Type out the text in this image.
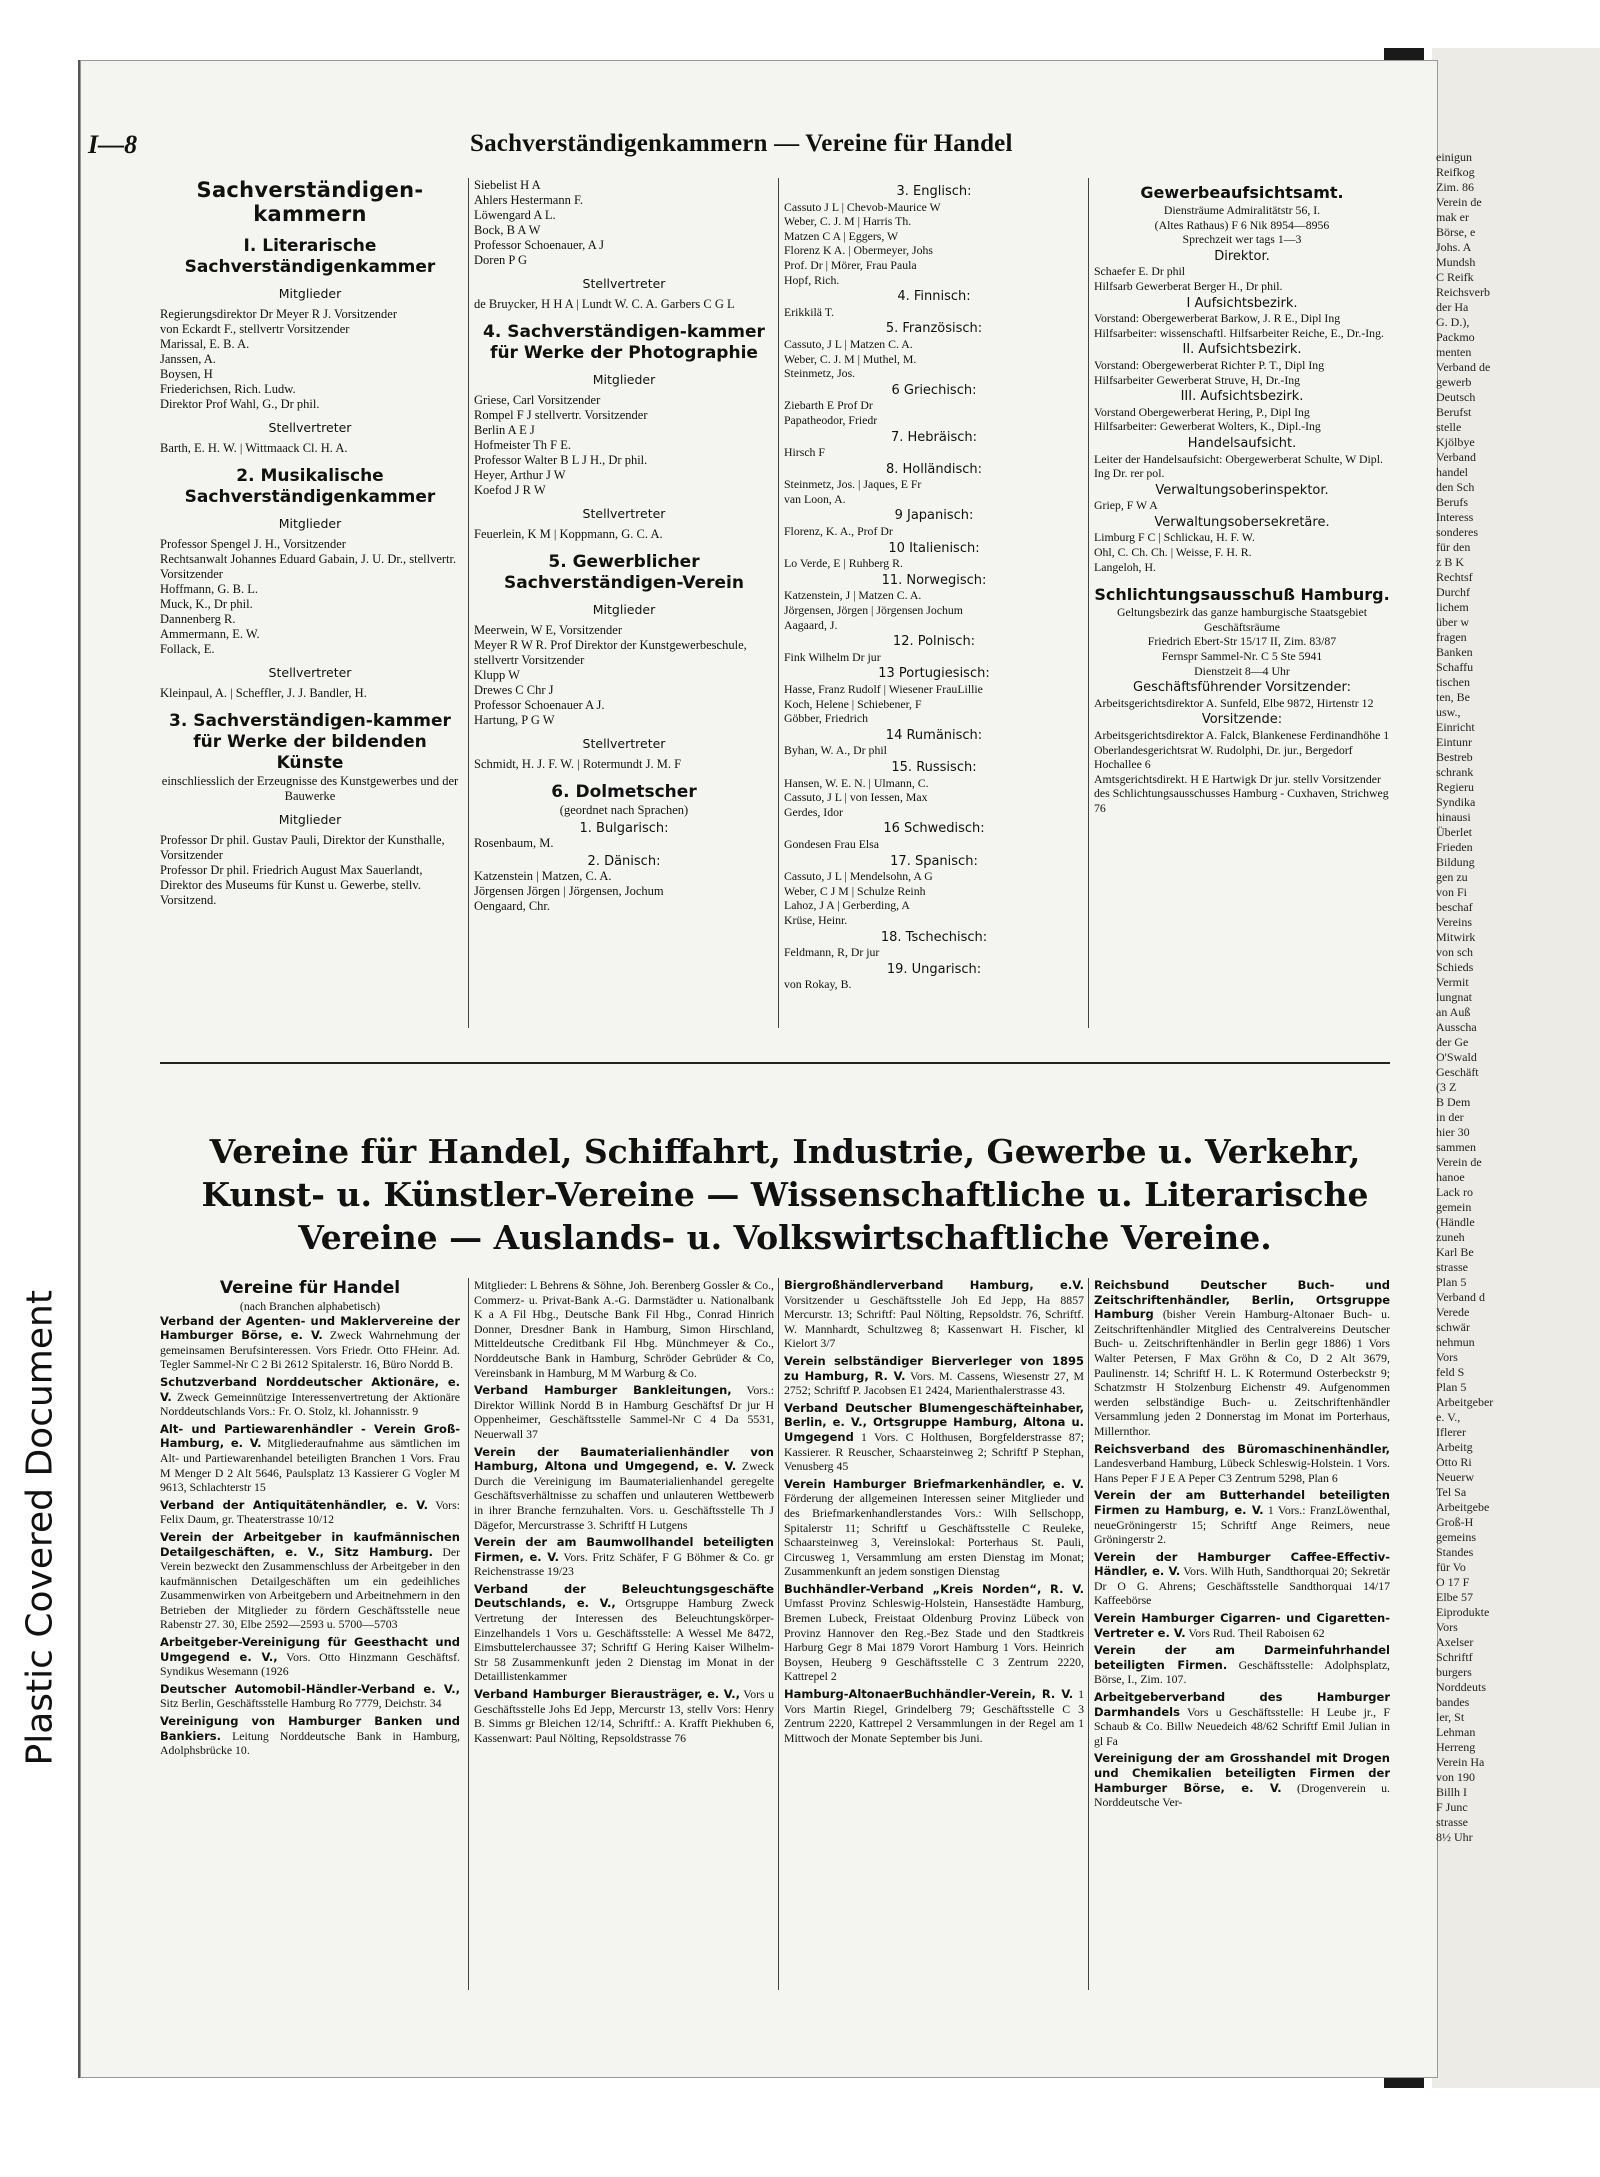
Plastic Covered Document
I—8	Sachverständigenkammern — Vereine für Handel
Sachverständigen-kammern
I. Literarische Sachverständigenkammer
Mitglieder

Regierungsdirektor Dr Meyer R J. Vorsitzender

von Eckardt F., stellvertr Vorsitzender

Marissal, E. B. A.

Janssen, A.

Boysen, H

Friederichsen, Rich. Ludw.

Direktor Prof Wahl, G., Dr phil.

Stellvertreter

Barth, E. H. W. | Wittmaack Cl. H. A.

2. Musikalische Sachverständigenkammer
Mitglieder

Professor Spengel J. H., Vorsitzender

Rechtsanwalt Johannes Eduard Gabain, J. U. Dr., stellvertr. Vorsitzender

Hoffmann, G. B. L.

Muck, K., Dr phil.

Dannenberg R.

Ammermann, E. W.

Follack, E.

Stellvertreter

Kleinpaul, A. | Scheffler, J. J. Bandler, H.

3. Sachverständigen-kammer für Werke der bildenden Künste

einschliesslich der Erzeugnisse des Kunstgewerbes und der Bauwerke

Mitglieder

Professor Dr phil. Gustav Pauli, Direktor der Kunsthalle, Vorsitzender

Professor Dr phil. Friedrich August Max Sauerlandt, Direktor des Museums für Kunst u. Gewerbe, stellv. Vorsitzend.

Siebelist H A

Ahlers Hestermann F.

Löwengard A L.

Bock, B A W

Professor Schoenauer, A J

Doren P G

Stellvertreter

de Bruycker, H H A | Lundt W. C. A. Garbers C G L

4. Sachverständigen-kammer für Werke der Photographie
Mitglieder

Griese, Carl Vorsitzender

Rompel F J stellvertr. Vorsitzender

Berlin A E J

Hofmeister Th F E.

Professor Walter B L J H., Dr phil.

Heyer, Arthur J W

Koefod J R W

Stellvertreter

Feuerlein, K M | Koppmann, G. C. A.

5. Gewerblicher Sachverständigen-Verein
Mitglieder

Meerwein, W E, Vorsitzender

Meyer R W R. Prof Direktor der Kunstgewerbeschule, stellvertr Vorsitzender

Klupp W

Drewes C Chr J

Professor Schoenauer A J.

Hartung, P G W

Stellvertreter

Schmidt, H. J. F. W. | Rotermundt J. M. F

6. Dolmetscher

(geordnet nach Sprachen)

1. Bulgarisch:

Rosenbaum, M.

2. Dänisch:

Katzenstein | Matzen, C. A.

Jörgensen Jörgen | Jörgensen, Jochum

Oengaard, Chr.

3. Englisch:

Cassuto J L | Chevob-Maurice W

Weber, C. J. M | Harris Th.

Matzen C A | Eggers, W

Florenz K A. | Obermeyer, Johs

Prof. Dr | Mörer, Frau Paula

Hopf, Rich.

4. Finnisch:

Erikkilä T.

5. Französisch:

Cassuto, J L | Matzen C. A.

Weber, C. J. M | Muthel, M.

Steinmetz, Jos.

6 Griechisch:

Ziebarth E Prof Dr

Papatheodor, Friedr

7. Hebräisch:

Hirsch F

8. Holländisch:

Steinmetz, Jos. | Jaques, E Fr

van Loon, A.

9 Japanisch:

Florenz, K. A., Prof Dr

10 Italienisch:

Lo Verde, E | Ruhberg R.

11. Norwegisch:

Katzenstein, J | Matzen C. A.

Jörgensen, Jörgen | Jörgensen Jochum

Aagaard, J.

12. Polnisch:

Fink Wilhelm Dr jur

13 Portugiesisch:

Hasse, Franz Rudolf | Wiesener FrauLillie

Koch, Helene | Schiebener, F

Göbber, Friedrich

14 Rumänisch:

Byhan, W. A., Dr phil

15. Russisch:

Hansen, W. E. N. | Ulmann, C.

Cassuto, J L | von Iessen, Max

Gerdes, Idor

16 Schwedisch:

Gondesen Frau Elsa

17. Spanisch:

Cassuto, J L | Mendelsohn, A G

Weber, C J M | Schulze Reinh

Lahoz, J A | Gerberding, A

Krüse, Heinr.

18. Tschechisch:

Feldmann, R, Dr jur

19. Ungarisch:

von Rokay, B.

Gewerbeaufsichtsamt.

Diensträume Admiralitätstr 56, I.

(Altes Rathaus) F 6 Nik 8954—8956

Sprechzeit wer tags 1—3

Direktor.

Schaefer E. Dr phil

Hilfsarb Gewerberat Berger H., Dr phil.

I Aufsichtsbezirk.

Vorstand: Obergewerberat Barkow, J. R E., Dipl Ing

Hilfsarbeiter: wissenschaftl. Hilfsarbeiter Reiche, E., Dr.-Ing.

II. Aufsichtsbezirk.

Vorstand: Obergewerberat Richter P. T., Dipl Ing

Hilfsarbeiter Gewerberat Struve, H, Dr.-Ing

III. Aufsichtsbezirk.

Vorstand Obergewerberat Hering, P., Dipl Ing

Hilfsarbeiter: Gewerberat Wolters, K., Dipl.-Ing

Handelsaufsicht.

Leiter der Handelsaufsicht: Obergewerberat Schulte, W Dipl. Ing Dr. rer pol.

Verwaltungsoberinspektor.

Griep, F W A

Verwaltungsobersekretäre.

Limburg F C | Schlickau, H. F. W.

Ohl, C. Ch. Ch. | Weisse, F. H. R.

Langeloh, H.

Schlichtungsausschuß Hamburg.

Geltungsbezirk das ganze hamburgische Staatsgebiet

Geschäftsräume

Friedrich Ebert-Str 15/17 II, Zim. 83/87

Fernspr Sammel-Nr. C 5 Ste 5941

Dienstzeit 8—4 Uhr

Geschäftsführender Vorsitzender:

Arbeitsgerichtsdirektor A. Sunfeld, Elbe 9872, Hirtenstr 12

Vorsitzende:

Arbeitsgerichtsdirektor A. Falck, Blankenese Ferdinandhöhe 1

Oberlandesgerichtsrat W. Rudolphi, Dr. jur., Bergedorf Hochallee 6

Amtsgerichtsdirekt. H E Hartwigk Dr jur. stellv Vorsitzender des Schlichtungsausschusses Hamburg - Cuxhaven, Strichweg 76

Vereine für Handel, Schiffahrt, Industrie, Gewerbe u. Verkehr,
Kunst- u. Künstler-Vereine — Wissenschaftliche u. Literarische
Vereine — Auslands- u. Volkswirtschaftliche Vereine.
Vereine für Handel

(nach Branchen alphabetisch)

Verband der Agenten- und Maklervereine der Hamburger Börse, e. V. Zweck Wahrnehmung der gemeinsamen Berufsinteressen. Vors Friedr. Otto FHeinr. Ad. Tegler Sammel-Nr C 2 Bi 2612 Spitalerstr. 16, Büro Nordd B.

Schutzverband Norddeutscher Aktionäre, e. V. Zweck Gemeinnützige Interessenvertretung der Aktionäre Norddeutschlands Vors.: Fr. O. Stolz, kl. Johannisstr. 9

Alt- und Partiewarenhändler - Verein Groß-Hamburg, e. V. Mitgliederaufnahme aus sämtlichen im Alt- und Partiewarenhandel beteiligten Branchen 1 Vors. Frau M Menger D 2 Alt 5646, Paulsplatz 13 Kassierer G Vogler M 9613, Schlachterstr 15

Verband der Antiquitätenhändler, e. V. Vors: Felix Daum, gr. Theaterstrasse 10/12

Verein der Arbeitgeber in kaufmännischen Detailgeschäften, e. V., Sitz Hamburg. Der Verein bezweckt den Zusammenschluss der Arbeitgeber in den kaufmännischen Detailgeschäften um ein gedeihliches Zusammenwirken von Arbeitgebern und Arbeitnehmern in den Betrieben der Mitglieder zu fördern Geschäftsstelle neue Rabenstr 27. 30, Elbe 2592—2593 u. 5700—5703

Arbeitgeber-Vereinigung für Geesthacht und Umgegend e. V., Vors. Otto Hinzmann Geschäftsf. Syndikus Wesemann (1926

Deutscher Automobil-Händler-Verband e. V., Sitz Berlin, Geschäftsstelle Hamburg Ro 7779, Deichstr. 34

Vereinigung von Hamburger Banken und Bankiers. Leitung Norddeutsche Bank in Hamburg, Adolphsbrücke 10.

Mitglieder: L Behrens & Söhne, Joh. Berenberg Gossler & Co., Commerz- u. Privat-Bank A.-G. Darmstädter u. Nationalbank K a A Fil Hbg., Deutsche Bank Fil Hbg., Conrad Hinrich Donner, Dresdner Bank in Hamburg, Simon Hirschland, Mitteldeutsche Creditbank Fil Hbg. Münchmeyer & Co., Norddeutsche Bank in Hamburg, Schröder Gebrüder & Co, Vereinsbank in Hamburg, M M Warburg & Co.

Verband Hamburger Bankleitungen, Vors.: Direktor Willink Nordd B in Hamburg Geschäftsf Dr jur H Oppenheimer, Geschäftsstelle Sammel-Nr C 4 Da 5531, Neuerwall 37

Verein der Baumaterialienhändler von Hamburg, Altona und Umgegend, e. V. Zweck Durch die Vereinigung im Baumaterialienhandel geregelte Geschäftsverhältnisse zu schaffen und unlauteren Wettbewerb in ihrer Branche fernzuhalten. Vors. u. Geschäftsstelle Th J Dägefor, Mercurstrasse 3. Schriftf H Lutgens

Verein der am Baumwollhandel beteiligten Firmen, e. V. Vors. Fritz Schäfer, F G Böhmer & Co. gr Reichenstrasse 19/23

Verband der Beleuchtungsgeschäfte Deutschlands, e. V., Ortsgruppe Hamburg Zweck Vertretung der Interessen des Beleuchtungskörper-Einzelhandels 1 Vors u. Geschäftsstelle: A Wessel Me 8472, Eimsbuttelerchaussee 37; Schriftf G Hering Kaiser Wilhelm-Str 58 Zusammenkunft jeden 2 Dienstag im Monat in der Detaillistenkammer

Verband Hamburger Bierausträger, e. V., Vors u Geschäftsstelle Johs Ed Jepp, Mercurstr 13, stellv Vors: Henry B. Simms gr Bleichen 12/14, Schriftf.: A. Krafft Piekhuben 6, Kassenwart: Paul Nölting, Repsoldstrasse 76

Biergroßhändlerverband Hamburg, e.V. Vorsitzender u Geschäftsstelle Joh Ed Jepp, Ha 8857 Mercurstr. 13; Schriftf: Paul Nölting, Repsoldstr. 76, Schriftf. W. Mannhardt, Schultzweg 8; Kassenwart H. Fischer, kl Kielort 3/7

Verein selbständiger Bierverleger von 1895 zu Hamburg, R. V. Vors. M. Cassens, Wiesenstr 27, M 2752; Schriftf P. Jacobsen E1 2424, Marienthalerstrasse 43.

Verband Deutscher Blumengeschäfteinhaber, Berlin, e. V., Ortsgruppe Hamburg, Altona u. Umgegend 1 Vors. C Holthusen, Borgfelderstrasse 87; Kassierer. R Reuscher, Schaarsteinweg 2; Schriftf P Stephan, Venusberg 45

Verein Hamburger Briefmarkenhändler, e. V. Förderung der allgemeinen Interessen seiner Mitglieder und des Briefmarkenhandlerstandes Vors.: Wilh Sellschopp, Spitalerstr 11; Schriftf u Geschäftsstelle C Reuleke, Schaarsteinweg 3, Vereinslokal: Porterhaus St. Pauli, Circusweg 1, Versammlung am ersten Dienstag im Monat; Zusammenkunft an jedem sonstigen Dienstag

Buchhändler-Verband „Kreis Norden“, R. V. Umfasst Provinz Schleswig-Holstein, Hansestädte Hamburg, Bremen Lubeck, Freistaat Oldenburg Provinz Lübeck von Provinz Hannover den Reg.-Bez Stade und den Stadtkreis Harburg Gegr 8 Mai 1879 Vorort Hamburg 1 Vors. Heinrich Boysen, Heuberg 9 Geschäftsstelle C 3 Zentrum 2220, Kattrepel 2

Hamburg-AltonaerBuchhändler-Verein, R. V. 1 Vors Martin Riegel, Grindelberg 79; Geschäftsstelle C 3 Zentrum 2220, Kattrepel 2 Versammlungen in der Regel am 1 Mittwoch der Monate September bis Juni.

Reichsbund Deutscher Buch- und Zeitschriftenhändler, Berlin, Ortsgruppe Hamburg (bisher Verein Hamburg-Altonaer Buch- u. Zeitschriftenhändler Mitglied des Centralvereins Deutscher Buch- u. Zeitschriftenhändler in Berlin gegr 1886) 1 Vors Walter Petersen, F Max Gröhn & Co, D 2 Alt 3679, Paulinenstr. 14; Schriftf H. L. K Rotermund Osterbeckstr 9; Schatzmstr H Stolzenburg Eichenstr 49. Aufgenommen werden selbständige Buch- u. Zeitschriftenhändler Versammlung jeden 2 Donnerstag im Monat im Porterhaus, Millernthor.

Reichsverband des Büromaschinenhändler, Landesverband Hamburg, Lübeck Schleswig-Holstein. 1 Vors. Hans Peper F J E A Peper C3 Zentrum 5298, Plan 6

Verein der am Butterhandel beteiligten Firmen zu Hamburg, e. V. 1 Vors.: FranzLöwenthal, neueGröningerstr 15; Schriftf Ange Reimers, neue Gröningerstr 2.

Verein der Hamburger Caffee-Effectiv-Händler, e. V. Vors. Wilh Huth, Sandthorquai 20; Sekretär Dr O G. Ahrens; Geschäftsstelle Sandthorquai 14/17 Kaffeebörse

Verein Hamburger Cigarren- und Cigaretten-Vertreter e. V. Vors Rud. Theil Raboisen 62

Verein der am Darmeinfuhrhandel beteiligten Firmen. Geschäftsstelle: Adolphsplatz, Börse, I., Zim. 107.

Arbeitgeberverband des Hamburger Darmhandels Vors u Geschäftsstelle: H Leube jr., F Schaub & Co. Billw Neuedeich 48/62 Schriftf Emil Julian in gl Fa

Vereinigung der am Grosshandel mit Drogen und Chemikalien beteiligten Firmen der Hamburger Börse, e. V. (Drogenverein u. Norddeutsche Ver-

einigun

Reifkog

Zim. 86

Verein de

mak er

Börse, e

Johs. A

Mundsh

C Reifk

Reichsverb

der Ha

G. D.),

Packmo

menten

Verband de

gewerb

Deutsch

Berufst

stelle

Kjölbye

Verband

handel

den Sch

Berufs

Interess

sonderes

für den

z B K

Rechtsf

Durchf

lichem

über w

fragen

Banken

Schaffu

tischen

ten, Be

usw.,

Einricht

Eintunr

Bestreb

schrank

Regieru

Syndika

hinausi

Überlet

Frieden

Bildung

gen zu

von Fi

beschaf

Vereins

Mitwirk

von sch

Schieds

Vermit

lungnat

an Auß

Ausscha

der Ge

O'Swald

Geschäft

(3 Z

B Dem

in der

hier 30

sammen

Verein de

hanoe

Lack ro

gemein

(Händle

zuneh

Karl Be

strasse

Plan 5

Verband d

Verede

schwär

nehmun

Vors

feld S

Plan 5

Arbeitgeber

e. V.,

Iflerer

Arbeitg

Otto Ri

Neuerw

Tel Sa

Arbeitgebe

Groß-H

gemeins

Standes

für Vo

O 17 F

Elbe 57

Eiprodukte

Vors

Axelser

Schriftf

burgers

Norddeuts

bandes

ler, St

Lehman

Herreng

Verein Ha

von 190

Billh I

F Junc

strasse

8½ Uhr
